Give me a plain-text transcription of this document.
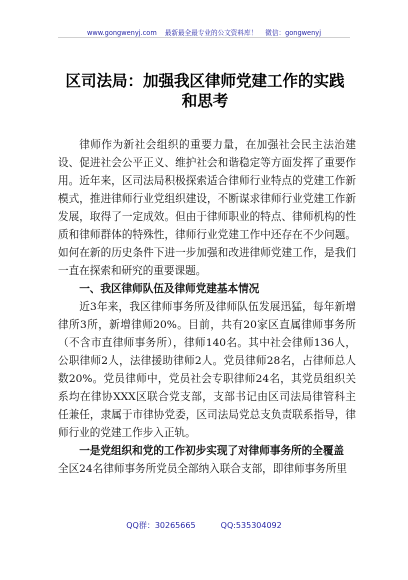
www.gongwenyj.com 最新最全最专业的公文资料库！ 微信：gongwenyj
区司法局：加强我区律师党建工作的实践
和思考

律师作为新社会组织的重要力量，在加强社会民主法治建设、促进社会公平正义、维护社会和谐稳定等方面发挥了重要作用。近年来，区司法局积极探索适合律师行业特点的党建工作新模式，推进律师行业党组织建设，不断谋求律师行业党建工作新发展，取得了一定成效。但由于律师职业的特点、律师机构的性质和律师群体的特殊性，律师行业党建工作中还存在不少问题。如何在新的历史条件下进一步加强和改进律师党建工作，是我们一直在探索和研究的重要课题。

一、我区律师队伍及律师党建基本情况

近3年来，我区律师事务所及律师队伍发展迅猛，每年新增律所3所，新增律师20%。目前，共有20家区直属律师事务所（不含市直律师事务所），律师140名。其中社会律师136人，公职律师2人，法律援助律师2人。党员律师28名，占律师总人数20%。党员律师中，党员社会专职律师24名，其党员组织关系均在律协XXX区联合党支部，支部书记由区司法局律管科主任兼任，隶属于市律协党委，区司法局党总支负责联系指导，律师行业的党建工作步入正轨。

一是党组织和党的工作初步实现了对律师事务所的全覆盖

全区24名律师事务所党员全部纳入联合支部，即律师事务所里

QQ群：30265665	QQ:535304092
